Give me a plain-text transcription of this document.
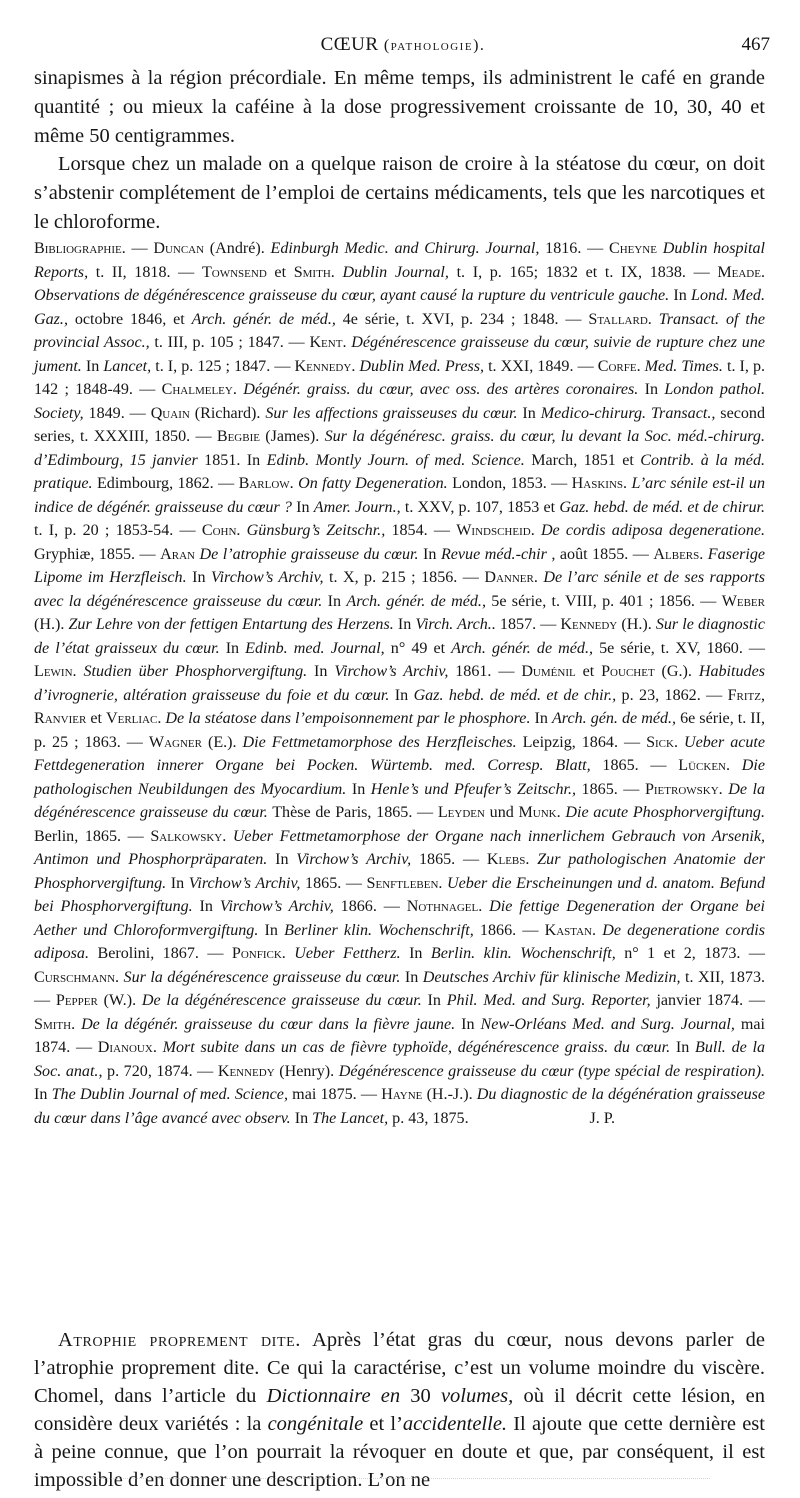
CŒUR (pathologie).	467

sinapismes à la région précordiale. En même temps, ils administrent le café en grande quantité ; ou mieux la caféine à la dose progressivement croissante de 10, 30, 40 et même 50 centigrammes.

Lorsque chez un malade on a quelque raison de croire à la stéatose du cœur, on doit s’abstenir complétement de l’emploi de certains médicaments, tels que les narcotiques et le chloroforme.

Bibliographie. — Duncan (André). Edinburgh Medic. and Chirurg. Journal, 1816. — Cheyne Dublin hospital Reports, t. II, 1818. — Townsend et Smith. Dublin Journal, t. I, p. 165; 1832 et t. IX, 1838. — Meade. Observations de dégénérescence graisseuse du cœur, ayant causé la rupture du ventricule gauche. In Lond. Med. Gaz., octobre 1846, et Arch. génér. de méd., 4e série, t. XVI, p. 234 ; 1848. — Stallard. Transact. of the provincial Assoc., t. III, p. 105 ; 1847. — Kent. Dégénérescence graisseuse du cœur, suivie de rupture chez une jument. In Lancet, t. I, p. 125 ; 1847. — Kennedy. Dublin Med. Press, t. XXI, 1849. — Corfe. Med. Times. t. I, p. 142 ; 1848-49. — Chalmeley. Dégénér. graiss. du cœur, avec oss. des artères coronaires. In London pathol. Society, 1849. — Quain (Richard). Sur les affections graisseuses du cœur. In Medico-chirurg. Transact., second series, t. XXXIII, 1850. — Begbie (James). Sur la dégénéresc. graiss. du cœur, lu devant la Soc. méd.-chirurg. d’Edimbourg, 15 janvier 1851. In Edinb. Montly Journ. of med. Science. March, 1851 et Contrib. à la méd. pratique. Edimbourg, 1862. — Barlow. On fatty Degeneration. London, 1853. — Haskins. L’arc sénile est-il un indice de dégénér. graisseuse du cœur ? In Amer. Journ., t. XXV, p. 107, 1853 et Gaz. hebd. de méd. et de chirur. t. I, p. 20 ; 1853-54. — Cohn. Günsburg’s Zeitschr., 1854. — Windscheid. De cordis adiposa degeneratione. Gryphiæ, 1855. — Aran De l’atrophie graisseuse du cœur. In Revue méd.-chir , août 1855. — Albers. Faserige Lipome im Herzfleisch. In Virchow’s Archiv, t. X, p. 215 ; 1856. — Danner. De l’arc sénile et de ses rapports avec la dégénérescence graisseuse du cœur. In Arch. génér. de méd., 5e série, t. VIII, p. 401 ; 1856. — Weber (H.). Zur Lehre von der fettigen Entartung des Herzens. In Virch. Arch.. 1857. — Kennedy (H.). Sur le diagnostic de l’état graisseux du cœur. In Edinb. med. Journal, n° 49 et Arch. génér. de méd., 5e série, t. XV, 1860. — Lewin. Studien über Phosphorvergiftung. In Virchow’s Archiv, 1861. — Duménil et Pouchet (G.). Habitudes d’ivrognerie, altération graisseuse du foie et du cœur. In Gaz. hebd. de méd. et de chir., p. 23, 1862. — Fritz, Ranvier et Verliac. De la stéatose dans l’empoisonnement par le phosphore. In Arch. gén. de méd., 6e série, t. II, p. 25 ; 1863. — Wagner (E.). Die Fettmetamorphose des Herzfleisches. Leipzig, 1864. — Sick. Ueber acute Fettdegeneration innerer Organe bei Pocken. Würtemb. med. Corresp. Blatt, 1865. — Lücken. Die pathologischen Neubildungen des Myocardium. In Henle’s und Pfeufer’s Zeitschr., 1865. — Pietrowsky. De la dégénérescence graisseuse du cœur. Thèse de Paris, 1865. — Leyden und Munk. Die acute Phosphorvergiftung. Berlin, 1865. — Salkowsky. Ueber Fettmetamorphose der Organe nach innerlichem Gebrauch von Arsenik, Antimon und Phosphorpräparaten. In Virchow’s Archiv, 1865. — Klebs. Zur pathologischen Anatomie der Phosphorvergiftung. In Virchow’s Archiv, 1865. — Senftleben. Ueber die Erscheinungen und d. anatom. Befund bei Phosphorvergiftung. In Virchow’s Archiv, 1866. — Nothnagel. Die fettige Degeneration der Organe bei Aether und Chloroformvergiftung. In Berliner klin. Wochenschrift, 1866. — Kastan. De degeneratione cordis adiposa. Berolini, 1867. — Ponfick. Ueber Fettherz. In Berlin. klin. Wochenschrift, n° 1 et 2, 1873. — Curschmann. Sur la dégénérescence graisseuse du cœur. In Deutsches Archiv für klinische Medizin, t. XII, 1873. — Pepper (W.). De la dégénérescence graisseuse du cœur. In Phil. Med. and Surg. Reporter, janvier 1874. — Smith. De la dégénér. graisseuse du cœur dans la fièvre jaune. In New-Orléans Med. and Surg. Journal, mai 1874. — Dianoux. Mort subite dans un cas de fièvre typhoïde, dégénérescence graiss. du cœur. In Bull. de la Soc. anat., p. 720, 1874. — Kennedy (Henry). Dégénérescence graisseuse du cœur (type spécial de respiration). In The Dublin Journal of med. Science, mai 1875. — Hayne (H.-J.). Du diagnostic de la dégénération graisseuse du cœur dans l’âge avancé avec observ. In The Lancet, p. 43, 1875.	J. P.

Atrophie proprement dite. Après l’état gras du cœur, nous devons parler de l’atrophie proprement dite. Ce qui la caractérise, c’est un volume moindre du viscère. Chomel, dans l’article du Dictionnaire en 30 volumes, où il décrit cette lésion, en considère deux variétés : la congénitale et l’accidentelle. Il ajoute que cette dernière est à peine connue, que l’on pourrait la révoquer en doute et que, par conséquent, il est impossible d’en donner une description. L’on ne
